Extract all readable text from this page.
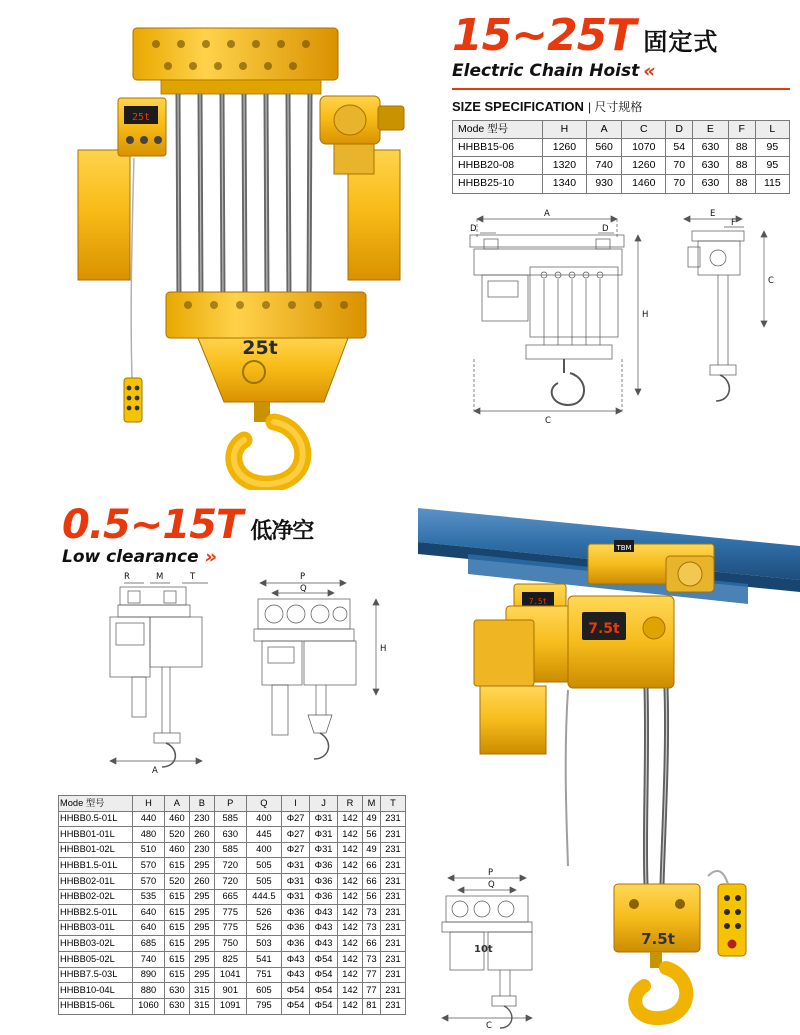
25t
25t
15~25T 固定式
Electric Chain Hoist «
SIZE SPECIFICATION | 尺寸规格
Mode 型号	H	A	C	D	E	F	L
HHBB15-06	1260	560	1070	54	630	88	95
HHBB20-08	1320	740	1260	70	630	88	95
HHBB25-10	1340	930	1460	70	630	88	115
A
D	D
H
C
E
F
C
0.5~15T 低净空
Low clearance »
R	M	T
A
P
Q
H
Mode 型号	H	A	B	P	Q	I	J	R	M	T
HHBB0.5-01L	440	460	230	585	400	Φ27	Φ31	142	49	231
HHBB01-01L	480	520	260	630	445	Φ27	Φ31	142	56	231
HHBB01-02L	510	460	230	585	400	Φ27	Φ31	142	49	231
HHBB1.5-01L	570	615	295	720	505	Φ31	Φ36	142	66	231
HHBB02-01L	570	520	260	720	505	Φ31	Φ36	142	66	231
HHBB02-02L	535	615	295	665	444.5	Φ31	Φ36	142	56	231
HHBB2.5-01L	640	615	295	775	526	Φ36	Φ43	142	73	231
HHBB03-01L	640	615	295	775	526	Φ36	Φ43	142	73	231
HHBB03-02L	685	615	295	750	503	Φ36	Φ43	142	66	231
HHBB05-02L	740	615	295	825	541	Φ43	Φ54	142	73	231
HHBB7.5-03L	890	615	295	1041	751	Φ43	Φ54	142	77	231
HHBB10-04L	880	630	315	901	605	Φ54	Φ54	142	77	231
HHBB15-06L	1060	630	315	1091	795	Φ54	Φ54	142	81	231
TBM
7.5t
7.5t
7.5t
P
Q
C
10t
